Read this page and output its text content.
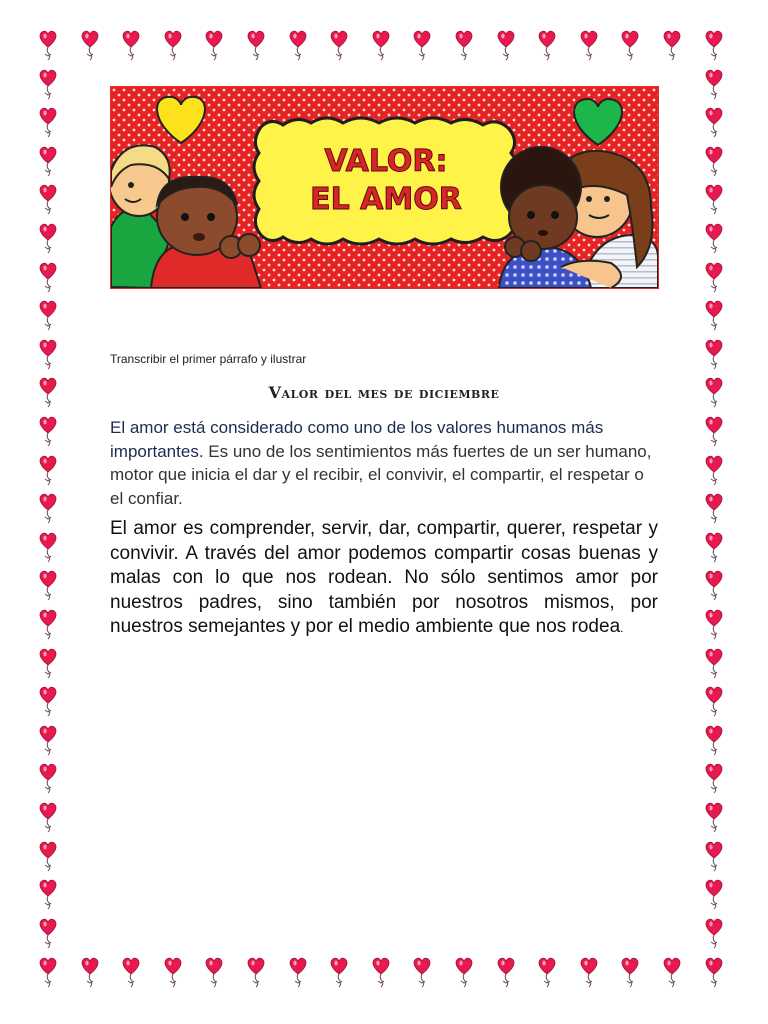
VALOR:
EL AMOR
Transcribir el primer párrafo y ilustrar
Valor del mes de diciembre
El amor está considerado como uno de los valores humanos más importantes. Es uno de los sentimientos más fuertes de un ser humano, motor que inicia el dar y el recibir, el convivir, el compartir, el respetar o el confiar.
El amor es comprender, servir, dar, compartir, querer, respetar y convivir. A través del amor podemos compartir cosas buenas y malas con lo que nos rodean. No sólo sentimos amor por nuestros padres, sino también por nosotros mismos, por nuestros semejantes y por el medio ambiente que nos rodea.
